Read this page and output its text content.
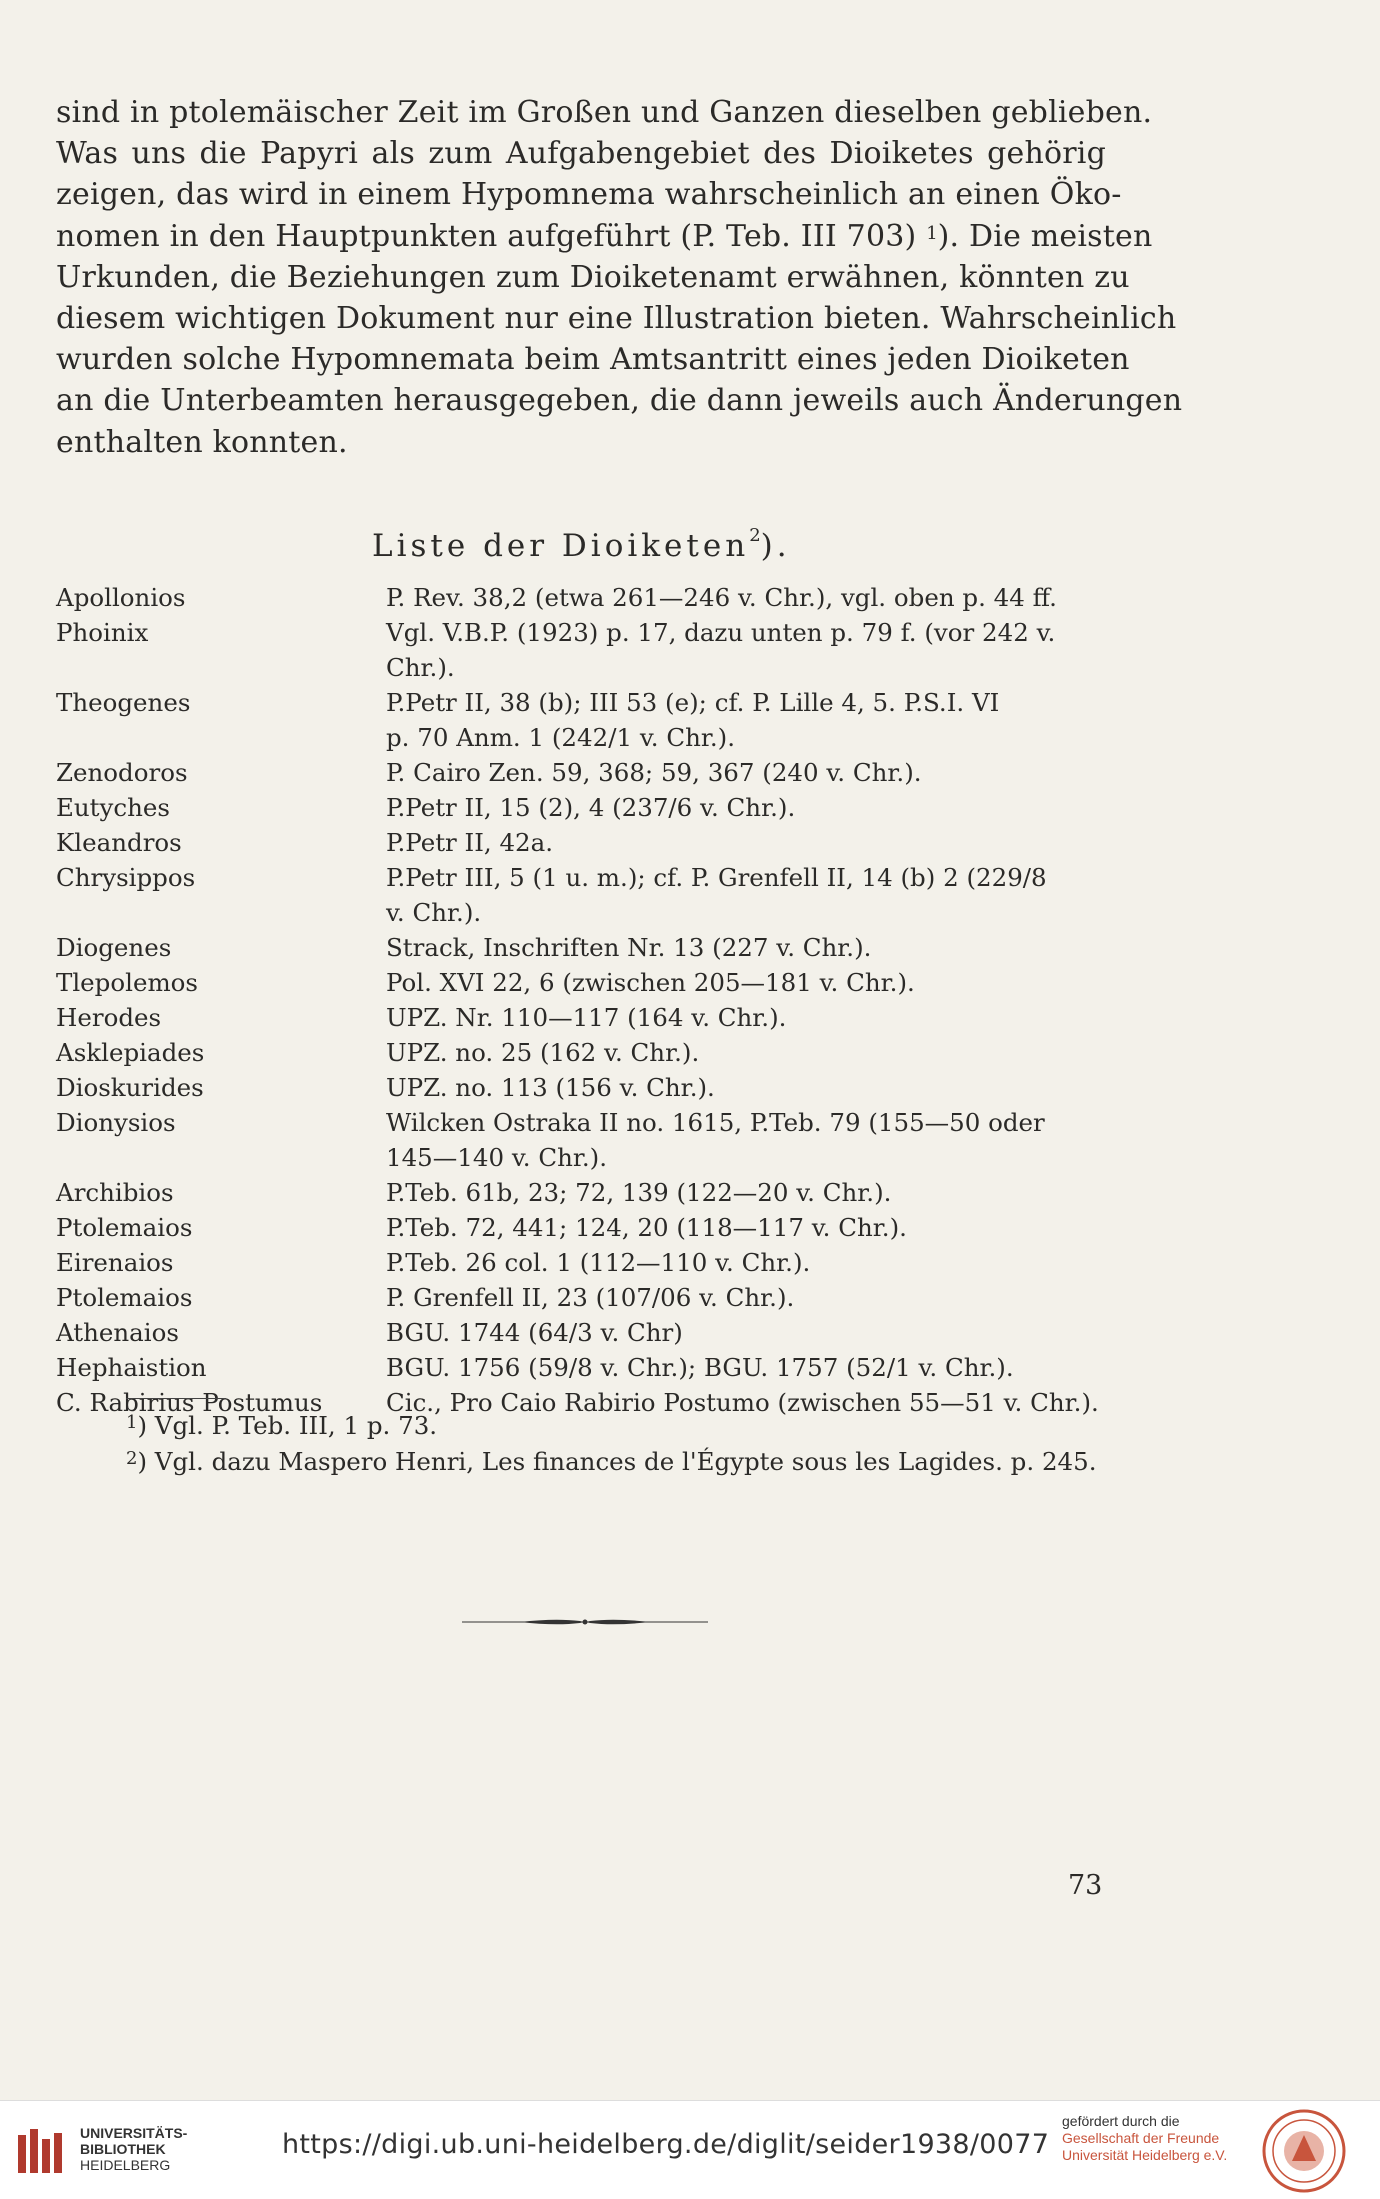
sind in ptolemäischer Zeit im Großen und Ganzen dieselben geblieben.
Was uns die Papyri als zum Aufgabengebiet des Dioiketes gehörig
zeigen, das wird in einem Hypomnema wahrscheinlich an einen Öko-
nomen in den Hauptpunkten aufgeführt (P. Teb. III 703) $^1$). Die meisten
Urkunden, die Beziehungen zum Dioiketenamt erwähnen, könnten zu
diesem wichtigen Dokument nur eine Illustration bieten. Wahrscheinlich
wurden solche Hypomnemata beim Amtsantritt eines jeden Dioiketen
an die Unterbeamten herausgegeben, die dann jeweils auch Änderungen
enthalten konnten.
Liste der Dioiketen$^2$).
Apollonios	P. Rev. 38,2 (etwa 261—246 v. Chr.), vgl. oben p. 44 ff.
Phoinix	Vgl. V.B.P. (1923) p. 17, dazu unten p. 79 f. (vor 242 v. Chr.).
Theogenes	P.Petr II, 38 (b); III 53 (e); cf. P. Lille 4, 5. P.S.I. VI
p. 70 Anm. 1 (242/1 v. Chr.).
Zenodoros	P. Cairo Zen. 59, 368; 59, 367 (240 v. Chr.).
Eutyches	P.Petr II, 15 (2), 4 (237/6 v. Chr.).
Kleandros	P.Petr II, 42a.
Chrysippos	P.Petr III, 5 (1 u. m.); cf. P. Grenfell II, 14 (b) 2 (229/8
v. Chr.).
Diogenes	Strack, Inschriften Nr. 13 (227 v. Chr.).
Tlepolemos	Pol. XVI 22, 6 (zwischen 205—181 v. Chr.).
Herodes	UPZ. Nr. 110—117 (164 v. Chr.).
Asklepiades	UPZ. no. 25 (162 v. Chr.).
Dioskurides	UPZ. no. 113 (156 v. Chr.).
Dionysios	Wilcken Ostraka II no. 1615, P.Teb. 79 (155—50 oder
145—140 v. Chr.).
Archibios	P.Teb. 61b, 23; 72, 139 (122—20 v. Chr.).
Ptolemaios	P.Teb. 72, 441; 124, 20 (118—117 v. Chr.).
Eirenaios	P.Teb. 26 col. 1 (112—110 v. Chr.).
Ptolemaios	P. Grenfell II, 23 (107/06 v. Chr.).
Athenaios	BGU. 1744 (64/3 v. Chr)
Hephaistion	BGU. 1756 (59/8 v. Chr.); BGU. 1757 (52/1 v. Chr.).
C. Rabirius Postumus	Cic., Pro Caio Rabirio Postumo (zwischen 55—51 v. Chr.).
$^1$) Vgl. P. Teb. III, 1 p. 73.
$^2$) Vgl. dazu Maspero Henri, Les finances de l'Égypte sous les Lagides. p. 245.
73
UNIVERSITÄTS-
BIBLIOTHEK
HEIDELBERG
https://digi.ub.uni-heidelberg.de/diglit/seider1938/0077
gefördert durch die
Gesellschaft der Freunde
Universität Heidelberg e.V.
